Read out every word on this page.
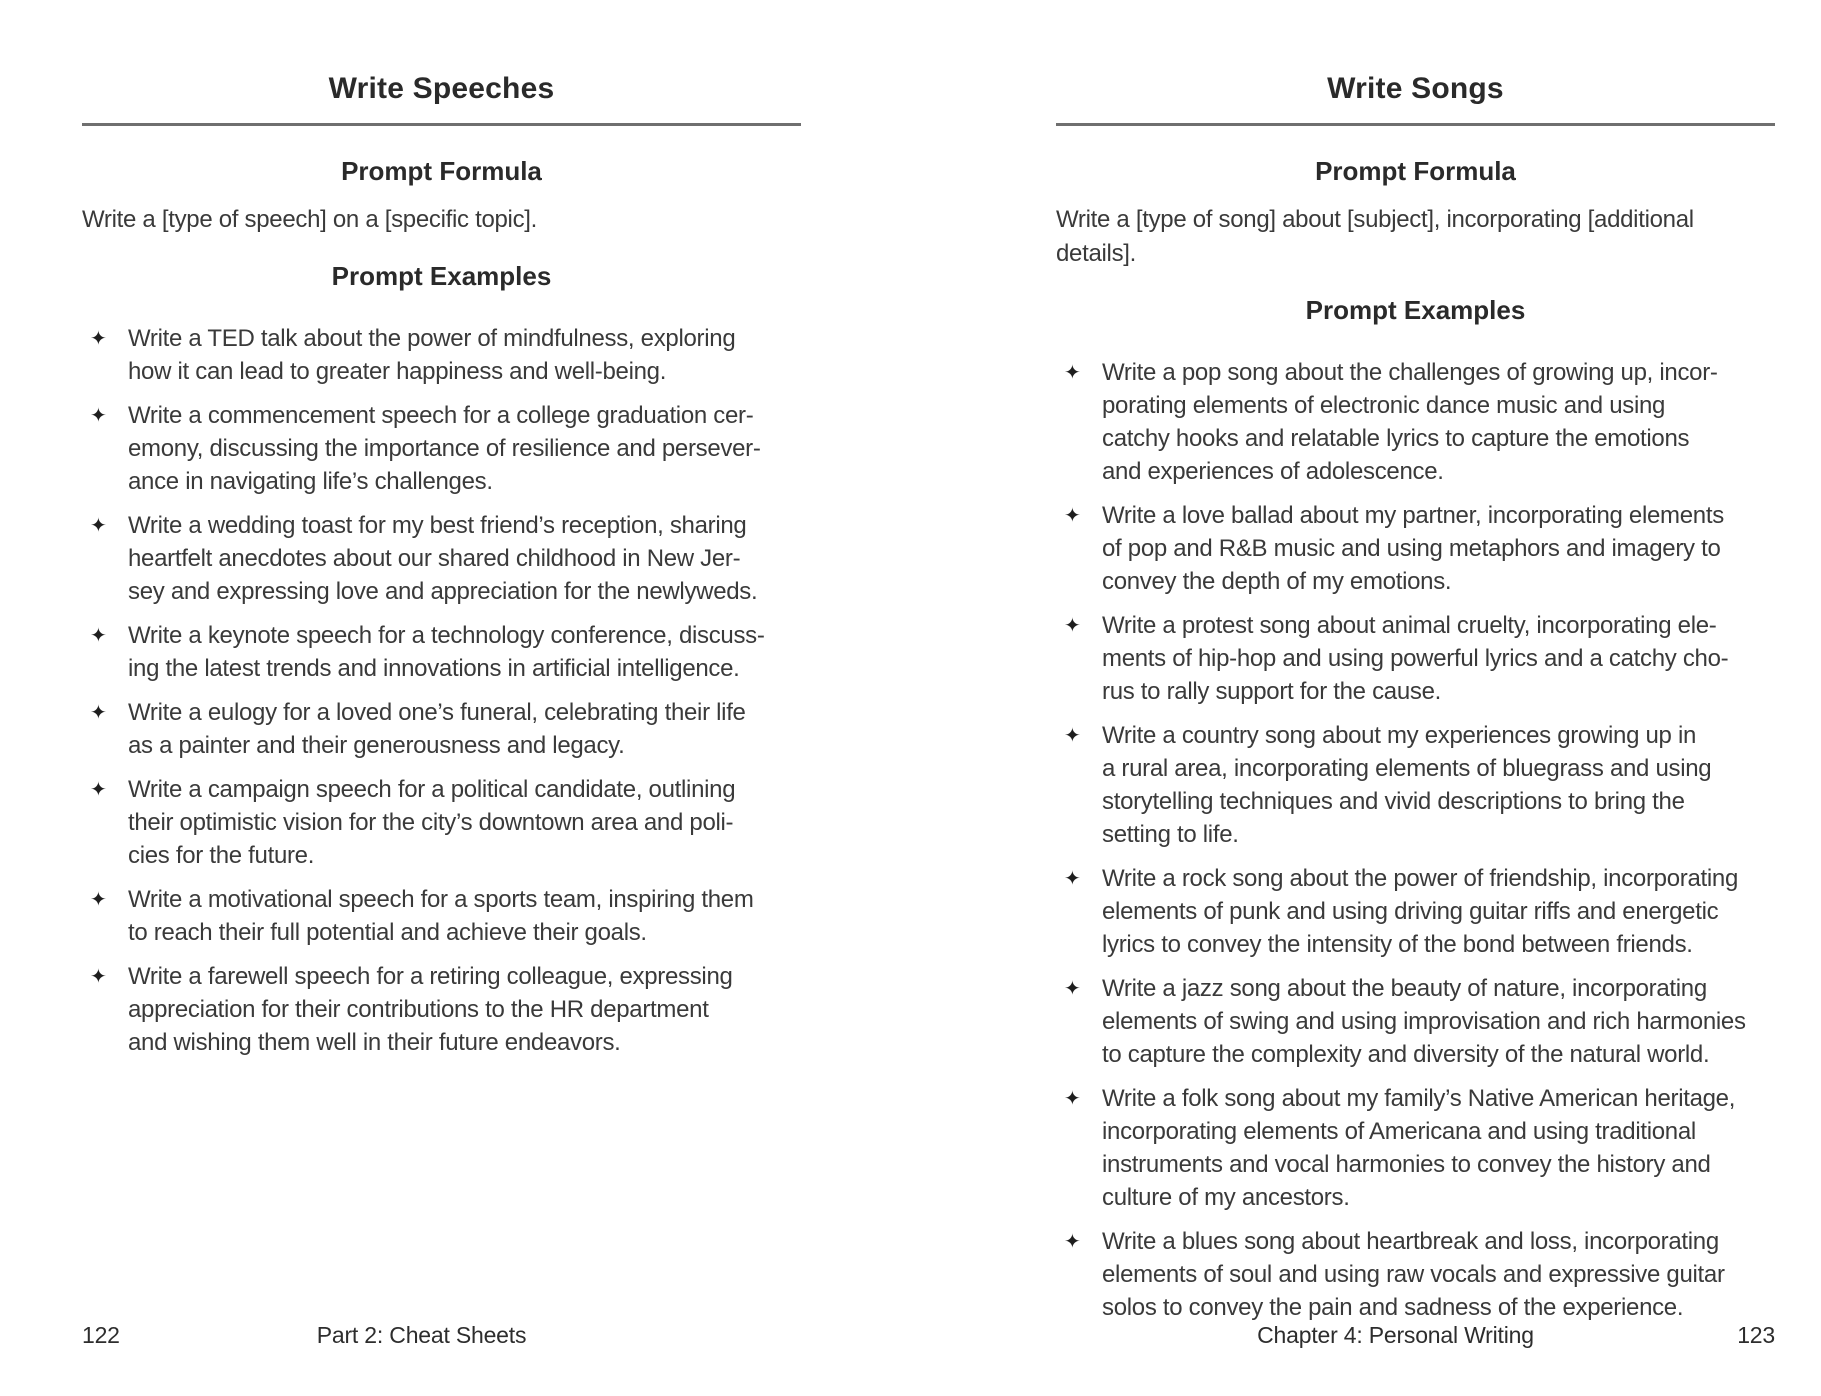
Write Speeches
Prompt Formula
Write a [type of speech] on a [specific topic].
Prompt Examples
✦ Write a TED talk about the power of mindfulness, exploring
how it can lead to greater happiness and well-being.
✦ Write a commencement speech for a college graduation cer-
emony, discussing the importance of resilience and persever-
ance in navigating life’s challenges.
✦ Write a wedding toast for my best friend’s reception, sharing
heartfelt anecdotes about our shared childhood in New Jer-
sey and expressing love and appreciation for the newlyweds.
✦ Write a keynote speech for a technology conference, discuss-
ing the latest trends and innovations in artificial intelligence.
✦ Write a eulogy for a loved one’s funeral, celebrating their life
as a painter and their generousness and legacy.
✦ Write a campaign speech for a political candidate, outlining
their optimistic vision for the city’s downtown area and poli-
cies for the future.
✦ Write a motivational speech for a sports team, inspiring them
to reach their full potential and achieve their goals.
✦ Write a farewell speech for a retiring colleague, expressing
appreciation for their contributions to the HR department
and wishing them well in their future endeavors.
122	Part 2: Cheat Sheets
Write Songs
Prompt Formula
Write a [type of song] about [subject], incorporating [additional
details].
Prompt Examples
✦ Write a pop song about the challenges of growing up, incor-
porating elements of electronic dance music and using
catchy hooks and relatable lyrics to capture the emotions
and experiences of adolescence.
✦ Write a love ballad about my partner, incorporating elements
of pop and R&B music and using metaphors and imagery to
convey the depth of my emotions.
✦ Write a protest song about animal cruelty, incorporating ele-
ments of hip-hop and using powerful lyrics and a catchy cho-
rus to rally support for the cause.
✦ Write a country song about my experiences growing up in
a rural area, incorporating elements of bluegrass and using
storytelling techniques and vivid descriptions to bring the
setting to life.
✦ Write a rock song about the power of friendship, incorporating
elements of punk and using driving guitar riffs and energetic
lyrics to convey the intensity of the bond between friends.
✦ Write a jazz song about the beauty of nature, incorporating
elements of swing and using improvisation and rich harmonies
to capture the complexity and diversity of the natural world.
✦ Write a folk song about my family’s Native American heritage,
incorporating elements of Americana and using traditional
instruments and vocal harmonies to convey the history and
culture of my ancestors.
✦ Write a blues song about heartbreak and loss, incorporating
elements of soul and using raw vocals and expressive guitar
solos to convey the pain and sadness of the experience.
Chapter 4: Personal Writing	123
